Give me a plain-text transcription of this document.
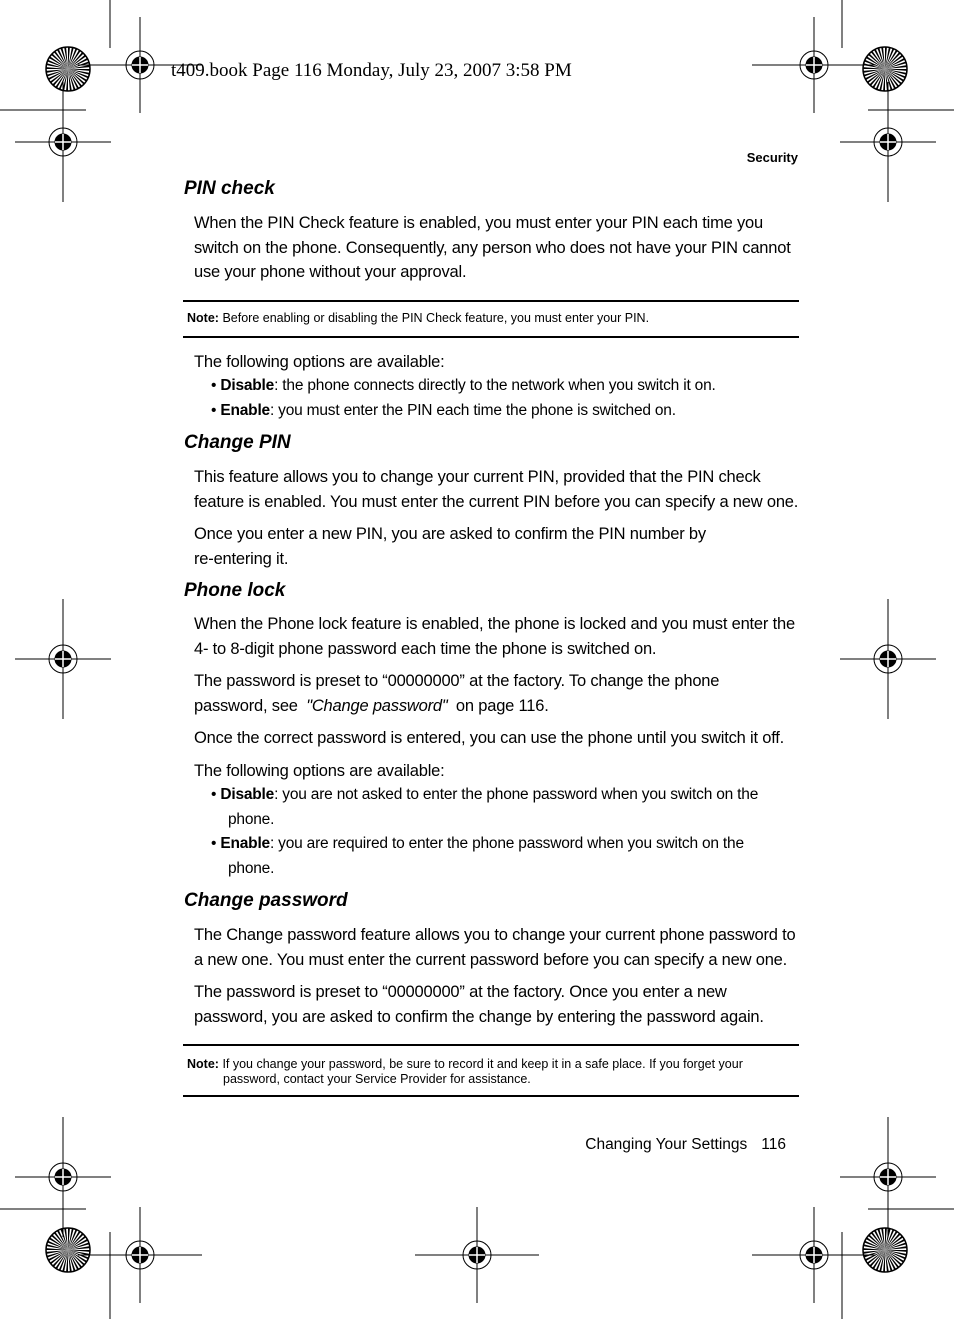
t409.book Page 116 Monday, July 23, 2007 3:58 PM
Security
PIN check

When the PIN Check feature is enabled, you must enter your PIN each time you switch on the phone. Consequently, any person who does not have your PIN cannot use your phone without your approval.

Note: Before enabling or disabling the PIN Check feature, you must enter your PIN.

The following options are available:

• Disable: the phone connects directly to the network when you switch it on.

• Enable: you must enter the PIN each time the phone is switched on.

Change PIN

This feature allows you to change your current PIN, provided that the PIN check feature is enabled. You must enter the current PIN before you can specify a new one.

Once you enter a new PIN, you are asked to confirm the PIN number by

re-entering it.

Phone lock

When the Phone lock feature is enabled, the phone is locked and you must enter the 4- to 8-digit phone password each time the phone is switched on.

The password is preset to “00000000” at the factory. To change the phone

password, see "Change password" on page 116.

Once the correct password is entered, you can use the phone until you switch it off.

The following options are available:

• Disable: you are not asked to enter the phone password when you switch on the
phone.

• Enable: you are required to enter the phone password when you switch on the
phone.

Change password

The Change password feature allows you to change your current phone password to a new one. You must enter the current password before you can specify a new one.

The password is preset to “00000000” at the factory. Once you enter a new password, you are asked to confirm the change by entering the password again.

Note: If you change your password, be sure to record it and keep it in a safe place. If you forget your
password, contact your Service Provider for assistance.
Changing Your Settings 116
